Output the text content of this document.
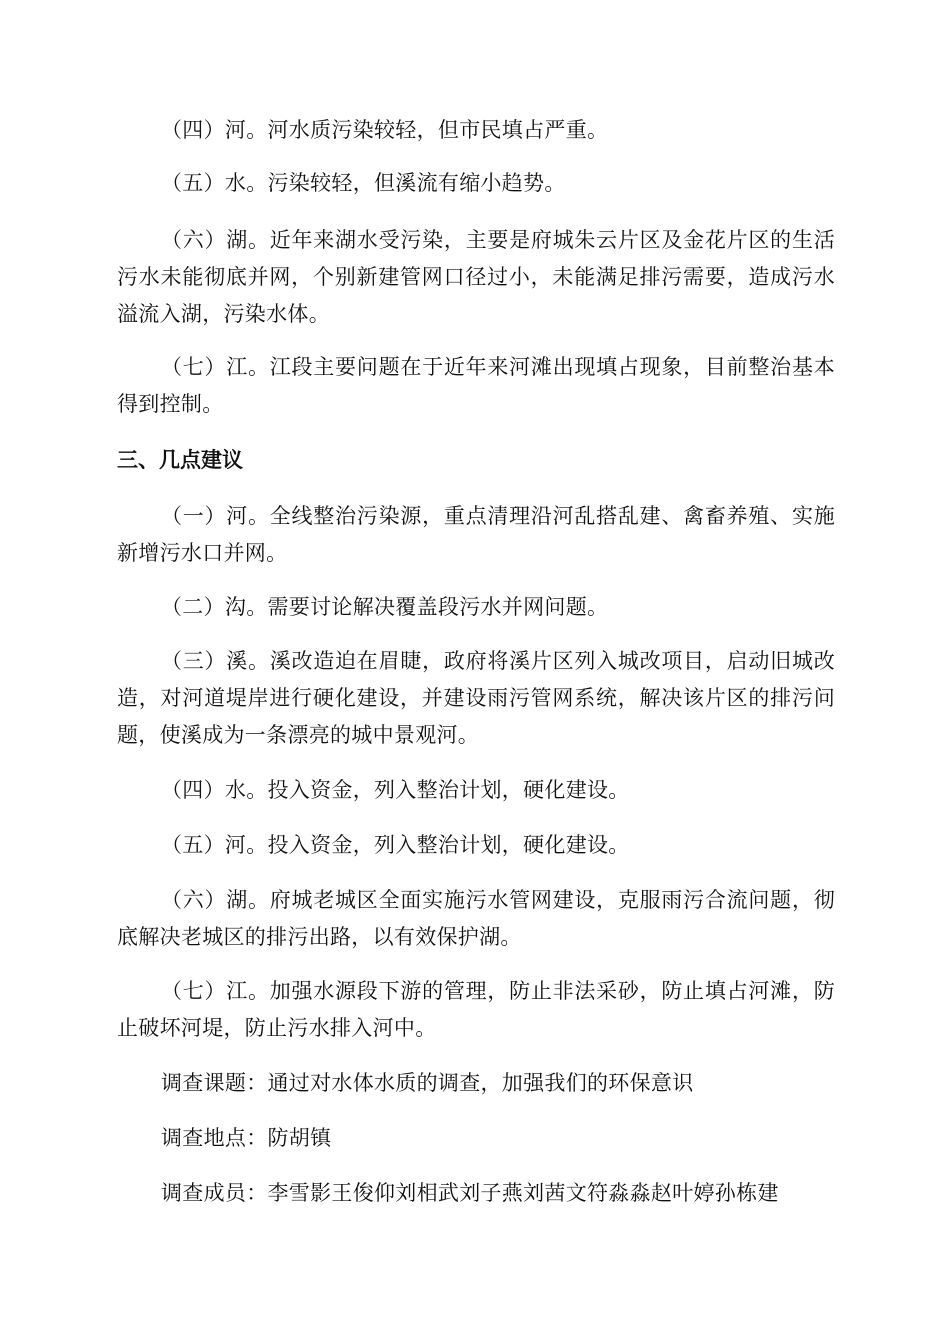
（四）河。河水质污染较轻，但市民填占严重。

（五）水。污染较轻，但溪流有缩小趋势。

（六）湖。近年来湖水受污染，主要是府城朱云片区及金花片区的生活污水未能彻底并网，个别新建管网口径过小，未能满足排污需要，造成污水溢流入湖，污染水体。

（七）江。江段主要问题在于近年来河滩出现填占现象，目前整治基本得到控制。

三、几点建议

（一）河。全线整治污染源，重点清理沿河乱搭乱建、禽畜养殖、实施新增污水口并网。

（二）沟。需要讨论解决覆盖段污水并网问题。

（三）溪。溪改造迫在眉睫，政府将溪片区列入城改项目，启动旧城改造，对河道堤岸进行硬化建设，并建设雨污管网系统，解决该片区的排污问题，使溪成为一条漂亮的城中景观河。

（四）水。投入资金，列入整治计划，硬化建设。

（五）河。投入资金，列入整治计划，硬化建设。

（六）湖。府城老城区全面实施污水管网建设，克服雨污合流问题，彻底解决老城区的排污出路，以有效保护湖。

（七）江。加强水源段下游的管理，防止非法采砂，防止填占河滩，防止破坏河堤，防止污水排入河中。

调查课题：通过对水体水质的调查，加强我们的环保意识

调查地点：防胡镇

调查成员：李雪影王俊仰刘相武刘子燕刘茜文符淼淼赵叶婷孙栋建
